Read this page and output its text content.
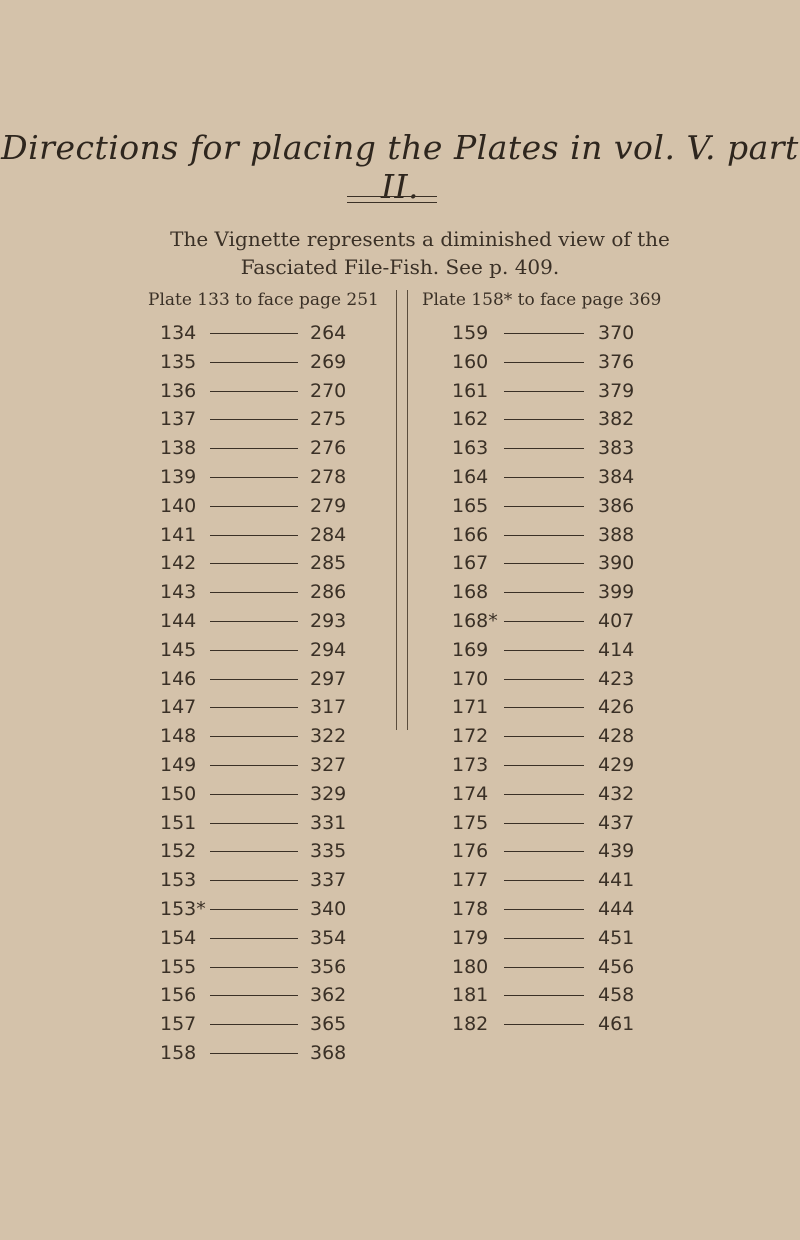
Directions for placing the Plates in vol. V. part II.
The Vignette represents a diminished view of the
Fasciated File-Fish. See p. 409.
Plate 133 to face page 251	Plate 158* to face page 369
134	264
135	269
136	270
137	275
138	276
139	278
140	279
141	284
142	285
143	286
144	293
145	294
146	297
147	317
148	322
149	327
150	329
151	331
152	335
153	337
153*	340
154	354
155	356
156	362
157	365
158	368
159	370
160	376
161	379
162	382
163	383
164	384
165	386
166	388
167	390
168	399
168*	407
169	414
170	423
171	426
172	428
173	429
174	432
175	437
176	439
177	441
178	444
179	451
180	456
181	458
182	461
